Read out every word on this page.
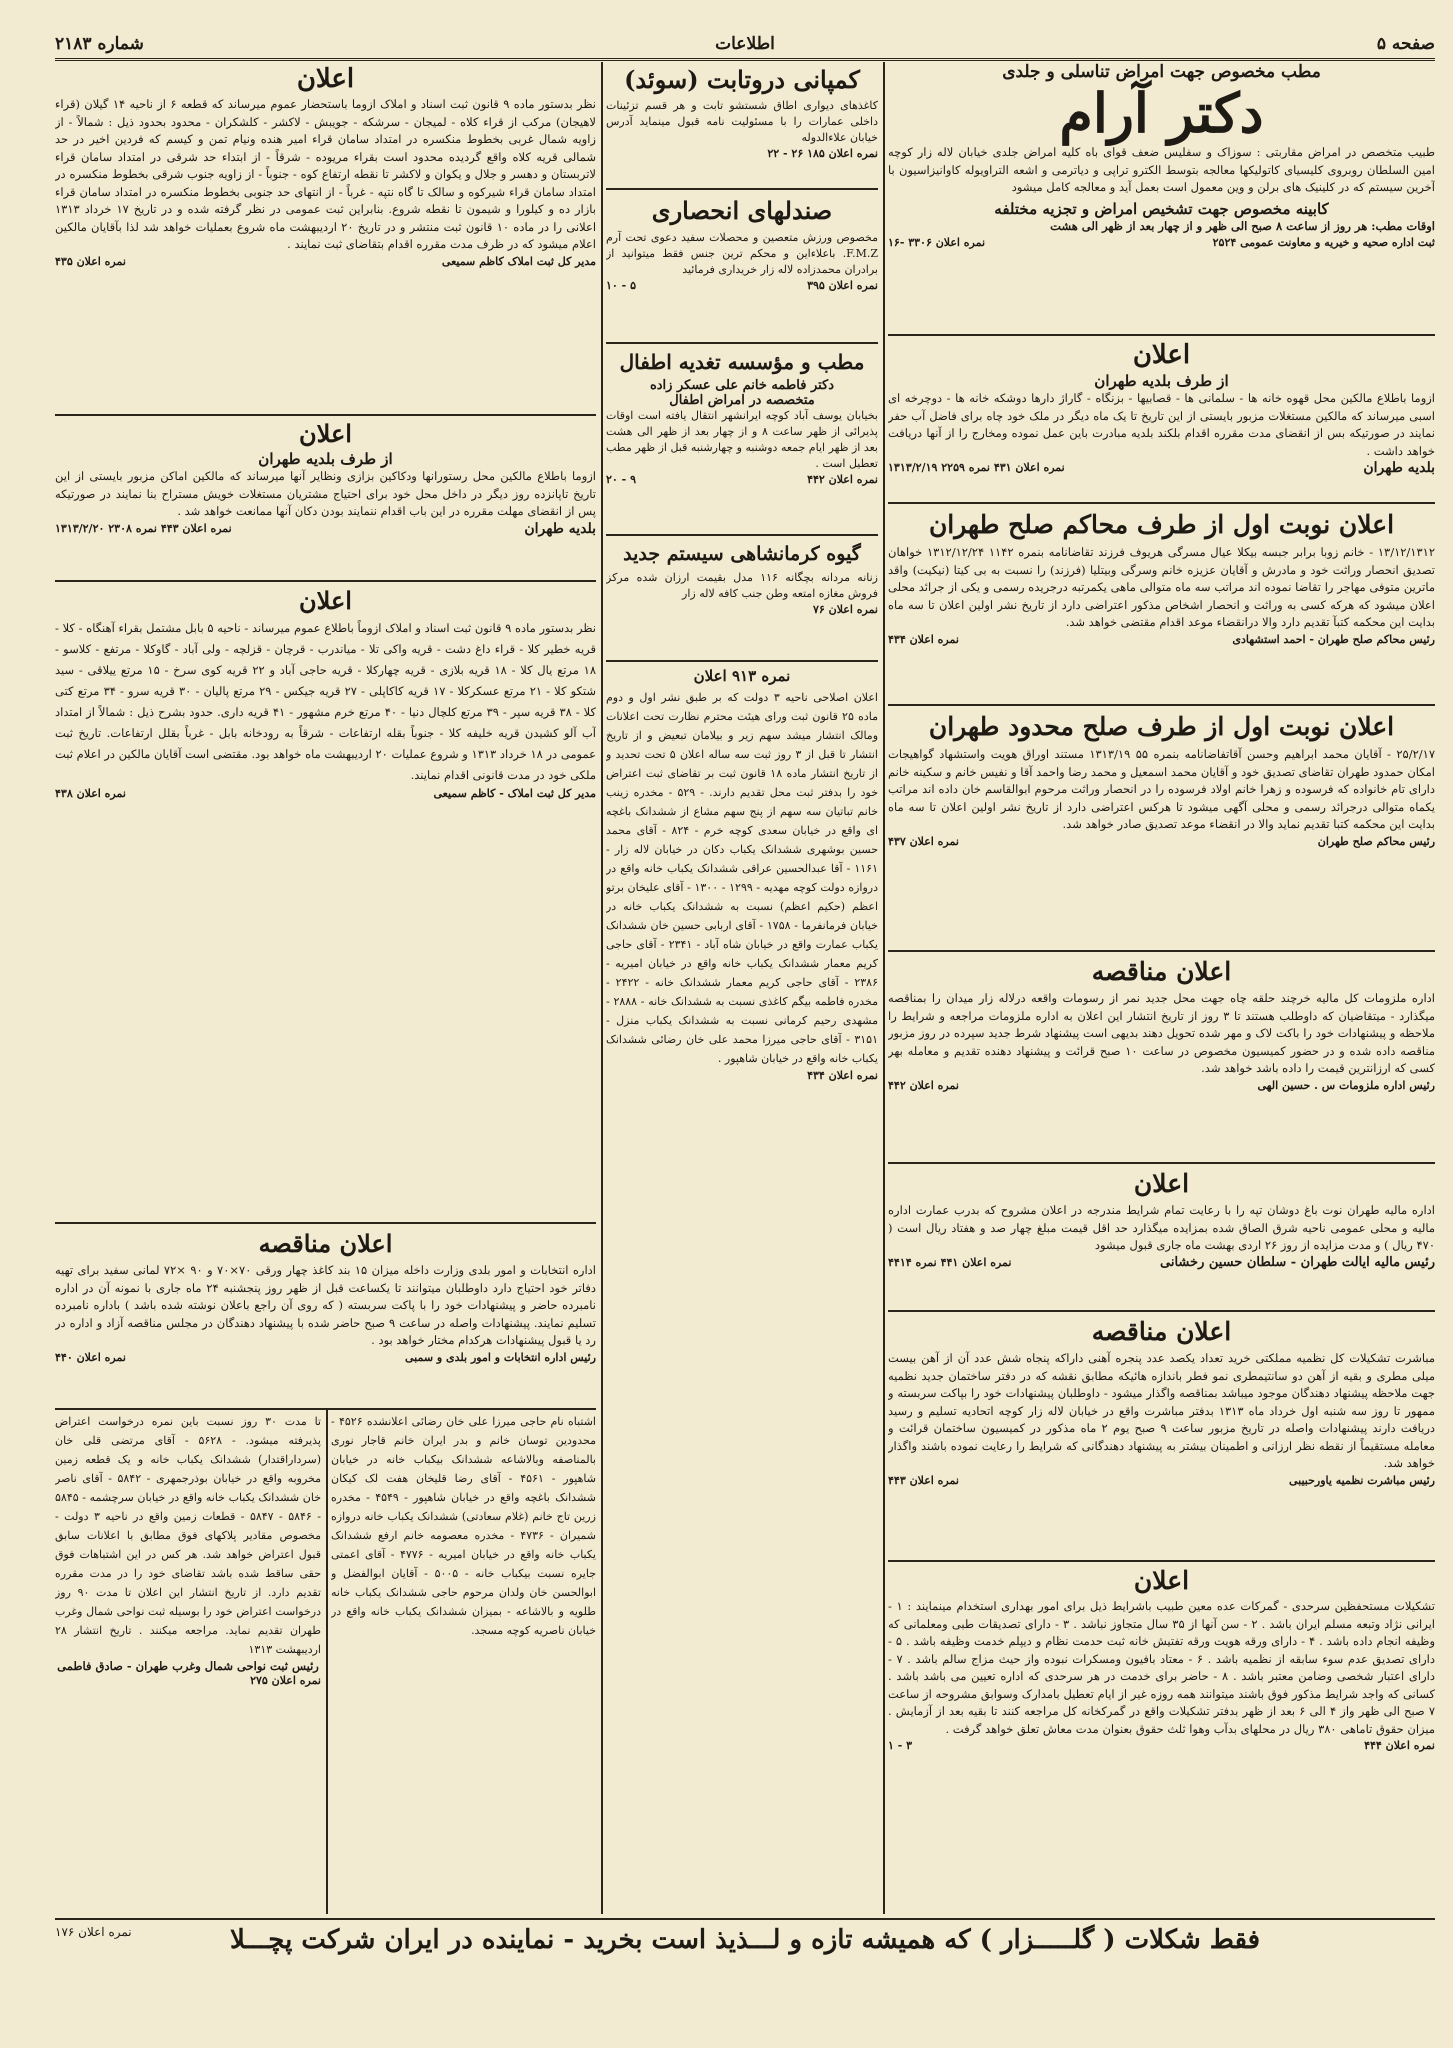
صفحه ۵
اطلاعات
شماره ۲۱۸۳
مطب مخصوص جهت امراض تناسلی و جلدی
دکتر آرام
طبیب متخصص در امراض مقاربتی : سوزاک و سفلیس ضعف قوای باه کلیه امراض جلدی خیابان لاله زار کوچه امین السلطان روبروی کلیسیای کاتولیکها معالجه بتوسط الکترو تراپی و دیاترمی و اشعه التراویوله کاوانیزاسیون با آخرین سیستم که در کلینیک های برلن و وین معمول است بعمل آید و معالجه کامل میشود
کابینه مخصوص جهت تشخیص امراض و تجزیه مختلفه
اوقات مطب: هر روز از ساعت ۸ صبح الی ظهر و از چهار بعد از ظهر الی هشت
ثبت اداره صحیه و خیریه و معاونت عمومی ۲۵۲۴
نمره اعلان ۳۳۰۶ -۱۶
اعلان
از طرف بلدیه طهران
ازوما باطلاع مالکین محل قهوه خانه ها - سلمانی ها - قصابیها - بزنگاه - گاراژ دارها دوشکه خانه ها - دوچرخه ای اسبی میرساند که مالکین مستغلات مزبور بایستی از این تاریخ تا یک ماه دیگر در ملک خود چاه برای فاضل آب حفر نمایند در صورتیکه بس از انقضای مدت مقرره اقدام بلکند بلدیه مبادرت باین عمل نموده ومخارج را از آنها دریافت خواهد داشت .
بلدیه طهران
نمره اعلان ۴۳۱ نمره ۲۲۵۹ ۱۳۱۳/۲/۱۹
اعلان نوبت اول از طرف محاکم صلح طهران
۱۳/۱۲/۱۳۱۲ - خانم زوبا برابر جبسه بیکلا عیال مسرگی هریوف فرزند تقاضانامه بنمره ۱۱۴۲ ۱۳۱۲/۱۲/۲۴ خواهان تصدیق انحصار وراثت خود و مادرش و آقایان عزیزه خانم وسرگی وبیتلیا (فرزند) را نسبت به بی کیتا (نیکیت) واقد ماترین متوفی مهاجر را تقاضا نموده اند مراتب سه ماه متوالی ماهی یکمرتبه درجریده رسمی و یکی از جرائد محلی اعلان میشود که هرکه کسی به وراثت و انحصار اشخاص مذکور اعتراضی دارد از تاریخ نشر اولین اعلان تا سه ماه بدایت این محکمه کتبآ تقدیم دارد والا درانقضاء موعد اقدام مقتضی خواهد شد.
رئیس محاکم صلح طهران - احمد استشهادی
نمره اعلان ۴۳۴
اعلان نوبت اول از طرف صلح محدود طهران
۲۵/۲/۱۷ - آقایان محمد ابراهیم وحسن آقاتفاضانامه بنمره ۵۵ ۱۳۱۳/۱۹ مستند اوراق هویت واستشهاد گواهیجات امکان حمدود طهران تقاضای تصدیق خود و آقایان محمد اسمعیل و محمد رضا واحمد آقا و نفیس خانم و سکینه خانم دارای تام خانواده که فرسوده و زهرا خانم اولاد فرسوده را در انحصار وراثت مرحوم ابوالقاسم خان داده اند مراتب یکماه متوالی درجرائد رسمی و محلی آگهی میشود تا هرکس اعتراضی دارد از تاریخ نشر اولین اعلان تا سه ماه بدایت این محکمه کتبا تقدیم نماید والا در انقضاء موعد تصدیق صادر خواهد شد.
رئیس محاکم صلح طهران
نمره اعلان ۴۳۷
اعلان مناقصه
اداره ملزومات کل مالیه خرچند حلقه چاه جهت محل جدید نمر از رسومات واقعه درلاله زار میدان را بمناقصه میگذارد - میتقاضیان که داوطلب هستند تا ۳ روز از تاریخ انتشار این اعلان به اداره ملزومات مراجعه و شرایط را ملاحظه و پیشنهادات خود را باکت لاک و مهر شده تحویل دهند بدیهی است پیشنهاد شرط جدید سپرده در روز مزبور مناقصه داده شده و در حضور کمیسیون مخصوص در ساعت ۱۰ صبح قرائت و پیشنهاد دهنده تقدیم و معامله بهر کسی که ارزانترین قیمت را داده باشد خواهد شد.
رئیس اداره ملزومات س . حسین الهی
نمره اعلان ۴۴۲
اعلان
اداره مالیه طهران نوت باغ دوشان تپه را با رعایت تمام شرایط مندرجه در اعلان مشروح که بدرب عمارت اداره مالیه و محلی عمومی ناحیه شرق الصاق شده بمزایده میگذارد حد اقل قیمت مبلغ چهار صد و هفتاد ریال است ( ۴۷۰ ریال ) و مدت مزایده از روز ۲۶ اردی بهشت ماه جاری قبول میشود
رئیس مالیه ایالت طهران - سلطان حسین رخشانی
نمره اعلان ۴۴۱ نمره ۴۴۱۴
اعلان مناقصه
مباشرت تشکیلات کل نظمیه مملکتی خرید تعداد یکصد عدد پنجره آهنی داراکه پنجاه شش عدد آن از آهن بیست میلی مطری و بقیه از آهن دو سانتیمطری نمو فطر باندازه هائیکه مطابق نقشه که در دفتر ساختمان جدید نظمیه جهت ملاحظه پیشنهاد دهندگان موجود میباشد بمناقصه واگذار میشود - داوطلبان پیشنهادات خود را بپاکت سربسته و ممهور تا روز سه شنبه اول خرداد ماه ۱۳۱۳ بدفتر مباشرت واقع در خیابان لاله زار کوچه اتحادیه تسلیم و رسید دریافت دارند پیشنهادات واصله در تاریخ مزبور ساعت ۹ صبح یوم ۲ ماه مذکور در کمیسیون ساختمان قرائت و معامله مستقیماً از نقطه نظر ارزانی و اطمینان بیشتر به پیشنهاد دهندگانی که شرایط را رعایت نموده باشند واگذار خواهد شد.
رئیس مباشرت نظمیه یاورحبیبی
نمره اعلان ۴۴۳
اعلان
تشکیلات مستحفظین سرحدی - گمرکات عده معین طبیب باشرایط ذیل برای امور بهداری استخدام مینمایند : ۱ - ایرانی نژاد وتبعه مسلم ایران باشد . ۲ - سن آنها از ۳۵ سال متجاوز نباشد . ۳ - دارای تصدیقات طبی ومعلمانی که وظیفه انجام داده باشد . ۴ - دارای ورقه هویت ورقه تفتیش خانه ثبت حدمت نظام و دیپلم خدمت وظیفه باشد . ۵ - دارای تصدیق عدم سوء سابقه از نظمیه باشد . ۶ - معتاد بافیون ومسکرات نبوده واز حیث مزاج سالم باشد . ۷ - دارای اعتبار شخصی وضامن معتبر باشد . ۸ - حاضر برای خدمت در هر سرحدی که اداره تعیین می باشد باشد . کسانی که واجد شرایط مذکور فوق باشند میتوانند همه روزه غیر از ایام تعطیل بامدارک وسوابق مشروحه از ساعت ۷ صبح الی ظهر واز ۴ الی ۶ بعد از ظهر بدفتر تشکیلات واقع در گمرکخانه کل مراجعه کنند تا بقیه بعد از آزمایش . میزان حقوق تاماهی ۳۸۰ ریال در محلهای بدآب وهوا ثلث حقوق بعنوان مدت معاش تعلق خواهد گرفت .
نمره اعلان ۴۴۴
۳ - ۱
کمپانی دروتابت (سوئد)
کاغذهای دیواری اطاق شستشو تابت و هر قسم تزئینات داخلی عمارات را با مسئولیت نامه قبول مینماید آدرس خیابان علاءالدوله
نمره اعلان ۱۸۵ ۲۶ - ۲۲
صندلهای انحصاری
مخصوص ورزش متعصین و محصلات سفید دعوی تحت آرم F.M.Z. باعلاءاین و محکم ترین جنس فقط میتوانید از برادران محمدزاده لاله زار خریداری فرمائید
نمره اعلان ۳۹۵
۵ - ۱۰
مطب و مؤسسه تغدیه اطفال
دکتر فاطمه خانم علی عسکر زاده
متخصصه در امراض اطفال
بخیابان یوسف آباد کوچه ایرانشهر انتقال یافته است اوقات پذیرائی از ظهر ساعت ۸ و از چهار بعد از ظهر الی هشت بعد از ظهر ایام جمعه دوشنبه و چهارشنبه قبل از ظهر مطب تعطیل است .
نمره اعلان ۴۴۲
۹ - ۲۰
گیوه کرمانشاهی سیستم جدید
زنانه مردانه بچگانه ۱۱۶ مدل بقیمت ارزان شده مرکز فروش مغازه امتعه وطن جنب کافه لاله زار
نمره اعلان ۷۶
نمره ۹۱۳ اعلان
اعلان اصلاحی ناحیه ۳ دولت که بر طبق نشر اول و دوم ماده ۲۵ قانون ثبت ورای هیئت محترم نظارت تحت اعلانات ومالک انتشار میشد سهم زیر و بیلامان تبعیض و از تاریخ انتشار تا قبل از ۳ روز ثبت سه ساله اعلان ۵ تحت تحدید و از تاریخ انتشار ماده ۱۸ قانون ثبت بر تقاضای ثبت اعتراض خود را بدفتر ثبت محل تقدیم دارند. - ۵۲۹ - مخدره زینب خانم تباتیان سه سهم از پنج سهم مشاع از ششدانک باغچه ای واقع در خیابان سعدی کوچه خرم - ۸۲۴ - آقای محمد حسین بوشهری ششدانک یکباب دکان در خیابان لاله زار - ۱۱۶۱ - آقا عبدالحسین عراقی ششدانک یکباب خانه واقع در دروازه دولت کوچه مهدیه - ۱۲۹۹ - ۱۳۰۰ - آقای علیخان برتو اعظم (حکیم اعظم) نسبت به ششدانک یکباب خانه در خیابان فرمانفرما - ۱۷۵۸ - آقای اربابی حسین خان ششدانک یکباب عمارت واقع در خیابان شاه آباد - ۲۳۴۱ - آقای حاجی کریم معمار ششدانک یکباب خانه واقع در خیابان امیریه - ۲۳۸۶ - آقای حاجی کریم معمار ششدانک خانه - ۲۴۲۲ - مخدره فاطمه بیگم کاغذی نسبت به ششدانک خانه - ۲۸۸۸ - مشهدی رحیم کرمانی نسبت به ششدانک یکباب منزل - ۳۱۵۱ - آقای حاجی میرزا محمد علی خان رضائی ششدانک یکباب خانه واقع در خیابان شاهپور .
نمره اعلان ۴۳۴
اعلان
نظر بدستور ماده ۹ قانون ثبت اسناد و املاک ازوما باستحضار عموم میرساند که قطعه ۶ از ناحیه ۱۴ گیلان (قراء لاهیجان) مرکب از قراء کلاه - لمیجان - سرشکه - جویبش - لاکشر - کلشکران - محدود بحدود ذیل : شمالاً - از زاویه شمال غربی بخطوط منکسره در امتداد سامان قراء امیر هنده ونیام تمن و کیسم که فردین اخیر در حد شمالی قریه کلاه واقع گردیده محدود است بقراء مریوده - شرقاً - از ابتداء حد شرقی در امتداد سامان قراء لاتربستان و دهسر و جلال و یکوان و لاکشر تا نقطه ارتفاع کوه - جنوباً - از زاویه جنوب شرقی بخطوط منکسره در امتداد سامان قراء شیرکوه و سالک تا گاه نتپه - غرباً - از انتهای حد جنوبی بخطوط منکسره در امتداد سامان قراء بازار ده و کیلورا و شیمون تا نقطه شروع. بنابراین ثبت عمومی در نظر گرفته شده و در تاریخ ۱۷ خرداد ۱۳۱۳ اعلانی را در ماده ۱۰ قانون ثبت منتشر و در تاریخ ۲۰ اردیبهشت ماه شروع بعملیات خواهد شد لذا بآقایان مالکین اعلام میشود که در ظرف مدت مقرره اقدام بتقاضای ثبت نمایند .
مدیر کل ثبت املاک کاظم سمیعی
نمره اعلان ۴۳۵
اعلان
از طرف بلدیه طهران
ازوما باطلاع مالکین محل رستورانها ودکاکین بزازی ونظایر آنها میرساند که مالکین اماکن مزبور بایستی از این تاریخ تاپانزده روز دیگر در داخل محل خود برای احتیاج مشتریان مستغلات خویش مستراح بنا نمایند در صورتیکه پس از انقضای مهلت مقرره در این باب اقدام ننمایند بودن دکان آنها ممانعت خواهد شد .
بلدیه طهران
نمره اعلان ۴۴۳ نمره ۲۳۰۸ ۱۳۱۳/۲/۲۰
اعلان
نظر بدستور ماده ۹ قانون ثبت اسناد و املاک ازوماً باطلاع عموم میرساند - ناحیه ۵ بابل مشتمل بقراء آهنگاه - کلا - قریه خطیر کلا - قراء داغ دشت - قریه واکی تلا - میاندرب - قرچان - قزلچه - ولی آباد - گاوکلا - مرتفع - کلاسو - ۱۸ مرتع یال کلا - ۱۸ قریه بلازی - قریه چهارکلا - قریه حاجی آباد و ۲۲ قریه کوی سرخ - ۱۵ مرتع ییلاقی - سید شتکو کلا - ۲۱ مرتع عسکرکلا - ۱۷ قریه کاکاپلی - ۲۷ قریه جیکس - ۲۹ مرتع پالیان - ۳۰ قریه سرو - ۳۴ مرتع کتی کلا - ۳۸ قریه سپر - ۳۹ مرتع کلچال دنیا - ۴۰ مرتع خرم مشهور - ۴۱ قریه داری. حدود بشرح ذیل : شمالاً از امتداد آب آلو کشیدن قریه خلیفه کلا - جنوباً بقله ارتفاعات - شرقاً به رودخانه بابل - غرباً بقلل ارتفاعات. تاریخ ثبت عمومی در ۱۸ خرداد ۱۳۱۳ و شروع عملیات ۲۰ اردیبهشت ماه خواهد بود. مقتضی است آقایان مالکین در اعلام ثبت ملکی خود در مدت قانونی اقدام نمایند.
مدیر کل ثبت املاک - کاظم سمیعی
نمره اعلان ۴۳۸
اعلان مناقصه
اداره انتخابات و امور بلدی وزارت داخله میزان ۱۵ بند کاغذ چهار ورقی ۷۰×۷۰ و ۹۰ ×۷۲ لمانی سفید برای تهیه دفاتر خود احتیاج دارد داوطلبان میتوانند تا یکساعت قبل از ظهر روز پنجشنبه ۲۴ ماه جاری با نمونه آن در اداره نامبرده حاضر و پیشنهادات خود را با پاکت سربسته ( که روی آن راجع باعلان نوشته شده باشد ) باداره نامبرده تسلیم نمایند. پیشنهادات واصله در ساعت ۹ صبح حاضر شده با پیشنهاد دهندگان در مجلس مناقصه آزاد و اداره در رد یا قبول پیشنهادات هرکدام مختار خواهد بود .
رئیس اداره انتخابات و امور بلدی و سمبی
نمره اعلان ۴۴۰
اشتباه نام حاجی میرزا علی خان رضائی اعلانشده ۴۵۲۶ - محدودین توسان خانم و بدر ایران خانم قاجار نوری بالمناصفه وبالاشاعه ششدانک بیکباب خانه در خیابان شاهپور - ۴۵۶۱ - آقای رضا قلیخان هفت لک کیکان ششدانک باغچه واقع در خیابان شاهپور - ۴۵۴۹ - مخدره زرین تاج خانم (غلام سعادتی) ششدانک یکباب خانه دروازه شمیران - ۴۷۳۶ - مخدره معصومه خانم ارفع ششدانک یکباب خانه واقع در خیابان امیریه - ۴۷۷۶ - آقای اعمتی جایره نسبت بیکباب خانه - ۵۰۰۵ - آقایان ابوالفضل و ابوالحسن خان ولدان مرحوم حاجی ششدانک یکباب خانه طلویه و بالاشاعه - بمیزان ششدانک یکباب خانه واقع در خیابان ناصریه کوچه مسجد.
تا مدت ۳۰ روز نسبت باین نمره درخواست اعتراض پذیرفته میشود. - ۵۶۲۸ - آقای مرتضی قلی خان (سرداراقتدار) ششدانک یکباب خانه و یک قطعه زمین مخروبه واقع در خیابان بوذرجمهری - ۵۸۴۲ - آقای ناصر خان ششدانک یکباب خانه واقع در خیابان سرچشمه - ۵۸۴۵ - ۵۸۴۶ - ۵۸۴۷ - قطعات زمین واقع در ناحیه ۳ دولت - مخصوص مقادیر پلاکهای فوق مطابق با اعلانات سابق قبول اعتراض خواهد شد. هر کس در این اشتباهات فوق حقی ساقط شده باشد تقاضای خود را در مدت مقرره تقدیم دارد. از تاریخ انتشار این اعلان تا مدت ۹۰ روز درخواست اعتراض خود را بوسیله ثبت نواحی شمال وغرب طهران تقدیم نماید. مراجعه میکنند . تاریخ انتشار ۲۸ اردیبهشت ۱۳۱۳
رئیس ثبت نواحی شمال وغرب طهران - صادق فاطمی
نمره اعلان ۲۷۵
فقط شکلات ( گلـــــزار ) که همیشه تازه و لـــذیذ است بخرید - نماینده در ایران شرکت پچـــلا
نمره اعلان ۱۷۶
